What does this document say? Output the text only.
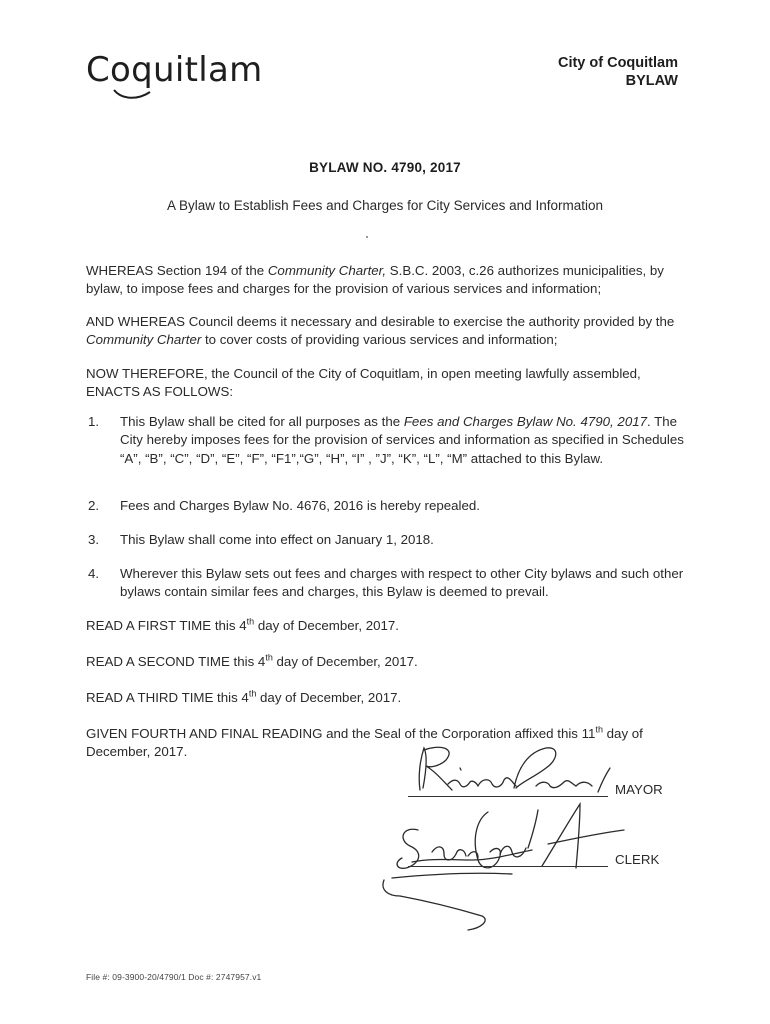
Coquitlam	City of Coquitlam
BYLAW
BYLAW NO. 4790, 2017
A Bylaw to Establish Fees and Charges for City Services and Information
WHEREAS Section 194 of the Community Charter, S.B.C. 2003, c.26 authorizes municipalities, by bylaw, to impose fees and charges for the provision of various services and information;
AND WHEREAS Council deems it necessary and desirable to exercise the authority provided by the Community Charter to cover costs of providing various services and information;
NOW THEREFORE, the Council of the City of Coquitlam, in open meeting lawfully assembled, ENACTS AS FOLLOWS:
1. This Bylaw shall be cited for all purposes as the Fees and Charges Bylaw No. 4790, 2017. The City hereby imposes fees for the provision of services and information as specified in Schedules “A”, “B”, “C”, “D”, “E”, “F”, “F1”,“G”, “H”, “I” , ”J”, “K”, “L”, “M” attached to this Bylaw.
2. Fees and Charges Bylaw No. 4676, 2016 is hereby repealed.
3. This Bylaw shall come into effect on January 1, 2018.
4. Wherever this Bylaw sets out fees and charges with respect to other City bylaws and such other bylaws contain similar fees and charges, this Bylaw is deemed to prevail.
READ A FIRST TIME this 4th day of December, 2017.
READ A SECOND TIME this 4th day of December, 2017.
READ A THIRD TIME this 4th day of December, 2017.
GIVEN FOURTH AND FINAL READING and the Seal of the Corporation affixed this 11th day of December, 2017.
MAYOR
CLERK
File #: 09-3900-20/4790/1 Doc #: 2747957.v1
